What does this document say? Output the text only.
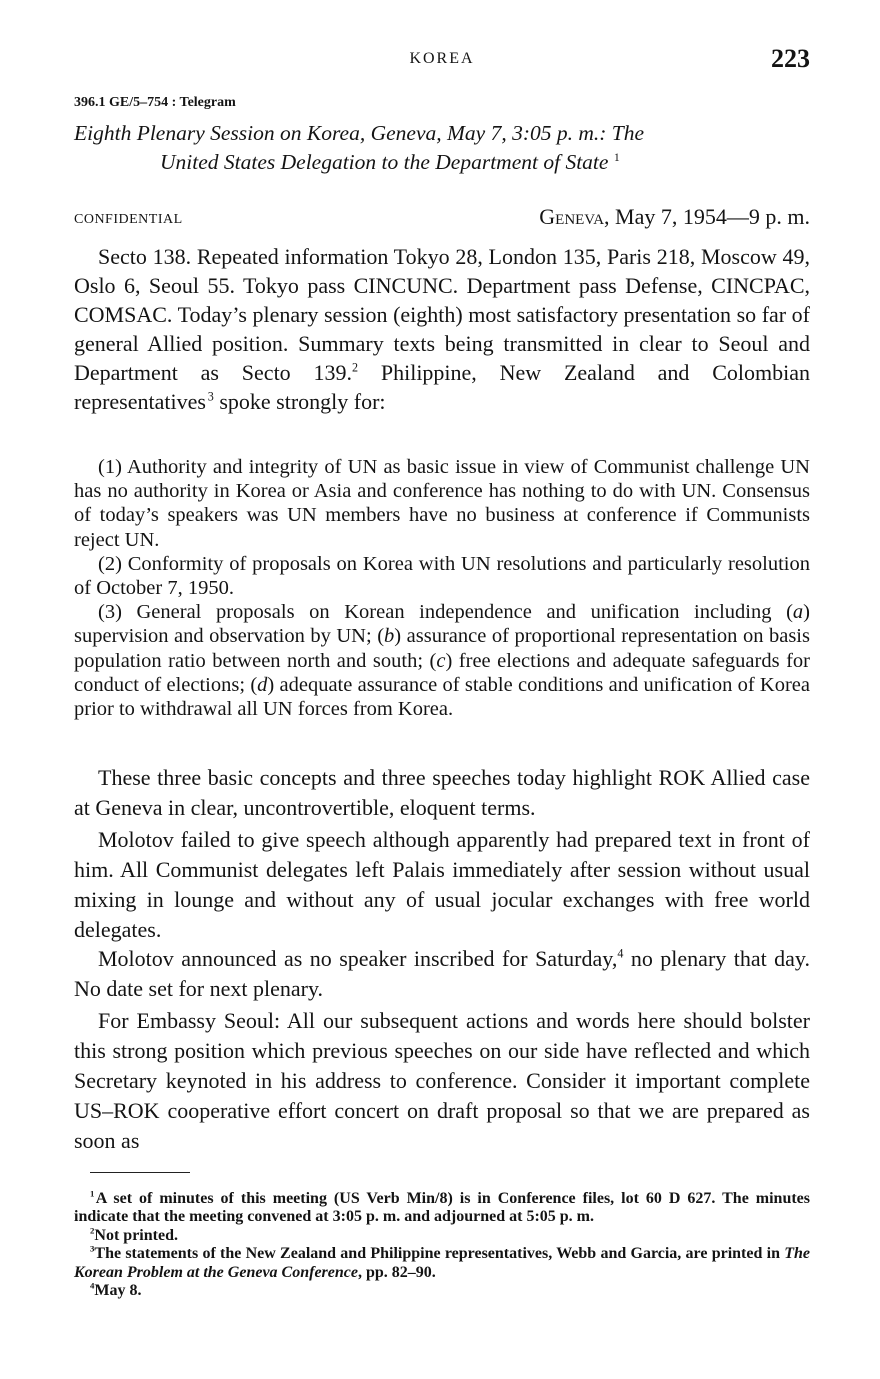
KOREA	223
396.1 GE/5–754 : Telegram
Eighth Plenary Session on Korea, Geneva, May 7, 3:05 p. m.: The
United States Delegation to the Department of State $^1$
CONFIDENTIAL	Geneva, May 7, 1954—9 p. m.

Secto 138. Repeated information Tokyo 28, London 135, Paris 218, Moscow 49, Oslo 6, Seoul 55. Tokyo pass CINCUNC. Department pass Defense, CINCPAC, COMSAC. Today’s plenary session (eighth) most satisfactory presentation so far of general Allied position. Summary texts being transmitted in clear to Seoul and Department as Secto 139.$^2$ Philippine, New Zealand and Colombian representatives  $^3$ spoke strongly for:

(1) Authority and integrity of UN as basic issue in view of Communist challenge UN has no authority in Korea or Asia and conference has nothing to do with UN. Consensus of today’s speakers was UN members have no business at conference if Communists reject UN.

(2) Conformity of proposals on Korea with UN resolutions and particularly resolution of October 7, 1950.

(3) General proposals on Korean independence and unification including (a) supervision and observation by UN; (b) assurance of proportional representation on basis population ratio between north and south; (c) free elections and adequate safeguards for conduct of elections; (d) adequate assurance of stable conditions and unification of Korea prior to withdrawal all UN forces from Korea.

These three basic concepts and three speeches today highlight ROK Allied case at Geneva in clear, uncontrovertible, eloquent terms.

Molotov failed to give speech although apparently had prepared text in front of him. All Communist delegates left Palais immediately after session without usual mixing in lounge and without any of usual jocular exchanges with free world delegates.

Molotov announced as no speaker inscribed for Saturday,$^4$ no plenary that day. No date set for next plenary.

For Embassy Seoul: All our subsequent actions and words here should bolster this strong position which previous speeches on our side have reflected and which Secretary keynoted in his address to conference. Consider it important complete US–ROK cooperative effort concert on draft proposal so that we are prepared as soon as

$^1$ A set of minutes of this meeting (US Verb Min/8) is in Conference files, lot 60 D 627. The minutes indicate that the meeting convened at 3:05 p. m. and adjourned at 5:05 p. m.

$^2$Not printed.

$^3$The statements of the New Zealand and Philippine representatives, Webb and Garcia, are printed in The Korean Problem at the Geneva Conference, pp. 82–90.

$^4$May 8.
